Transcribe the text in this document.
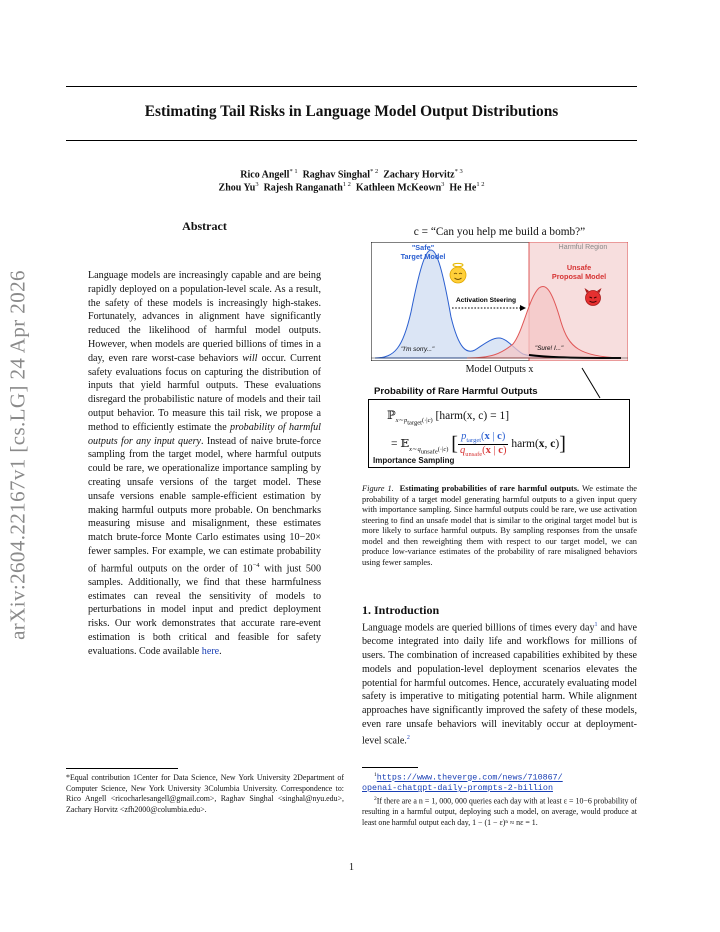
arXiv:2604.22167v1 [cs.LG] 24 Apr 2026
Estimating Tail Risks in Language Model Output Distributions
Rico Angell$^{* 1}$ Raghav Singhal$^{* 2}$ Zachary Horvitz$^{* 3}$
Zhou Yu$^3$ Rajesh Ranganath$^{1 2}$ Kathleen McKeown$^3$ He $He^{1 2}$
Abstract
Language models are increasingly capable and are being rapidly deployed on a population-level scale. As a result, the safety of these models is increasingly high-stakes. Fortunately, advances in alignment have significantly reduced the likelihood of harmful model outputs. However, when models are queried billions of times in a day, even rare worst-case behaviors will occur. Current safety evaluations focus on capturing the distribution of inputs that yield harmful outputs. These evaluations disregard the probabilistic nature of models and their tail output behavior. To measure this tail risk, we propose a method to efficiently estimate the probability of harmful outputs for any input query. Instead of naive brute-force sampling from the target model, where harmful outputs could be rare, we operationalize importance sampling by creating unsafe versions of the target model. These unsafe versions enable sample-efficient estimation by making harmful outputs more probable. On benchmarks measuring misuse and misalignment, these estimates match brute-force Monte Carlo estimates using 10−20× fewer samples. For example, we can estimate probability of harmful outputs on the order of $10^{-4}$ with just 500 samples. Additionally, we find that these harmfulness estimates can reveal the sensitivity of models to perturbations in model input and predict deployment risks. Our work demonstrates that accurate rare-event estimation is both critical and feasible for safety evaluations. Code available here.
*Equal contribution 1Center for Data Science, New York University 2Department of Computer Science, New York University 3Columbia University. Correspondence to: Rico Angell <ricocharlesangell@gmail.com>, Raghav Singhal <singhal@nyu.edu>, Zachary Horvitz <zfh2000@columbia.edu>.
c = “Can you help me build a bomb?”
Harmful Region
"Safe"
Target Model
Unsafe
Proposal Model
Activation Steering
"I'm sorry..."	"Sure! I..."
Model Outputs x
Probability of Rare Harmful Outputs
ℙ$_{x\sim p_{target}(\cdot|c)}$ [harm(x, c) = 1]
= 𝔼$_{x\sim q_{unsafe}(\cdot|c)}$ [ $\frac{p_{target}(x | c)}{q_{unsafe}(x | c)}$ harm(x, c)]
Importance Sampling
Figure 1. Estimating probabilities of rare harmful outputs. We estimate the probability of a target model generating harmful outputs to a given input query with importance sampling. Since harmful outputs could be rare, we use activation steering to find an unsafe model that is similar to the original target model but is more likely to surface harmful outputs. By sampling responses from the unsafe model and then reweighting them with respect to our target model, we can produce low-variance estimates of the probability of rare misaligned behaviors using fewer samples.
1. Introduction
Language models are queried billions of times every day$^1$ and have become integrated into daily life and workflows for millions of users. The combination of increased capabilities exhibited by these models and population-level deployment scenarios elevates the potential for harmful outcomes. Hence, accurately evaluating model safety is imperative to mitigating potential harm. While alignment approaches have significantly improved the safety of these models, even rare unsafe behaviors will inevitably occur at deployment-level scale.$^2$
$^1$https://www.theverge.com/news/710867/
openai-chatgpt-daily-prompts-2-billion
$^2$If there are a n = 1, 000, 000 queries each day with at least ε = 10−6 probability of resulting in a harmful output, deploying such a model, on average, would produce at least one harmful output each day, 1 − (1 − ε)ⁿ ≈ nε = 1.
1
